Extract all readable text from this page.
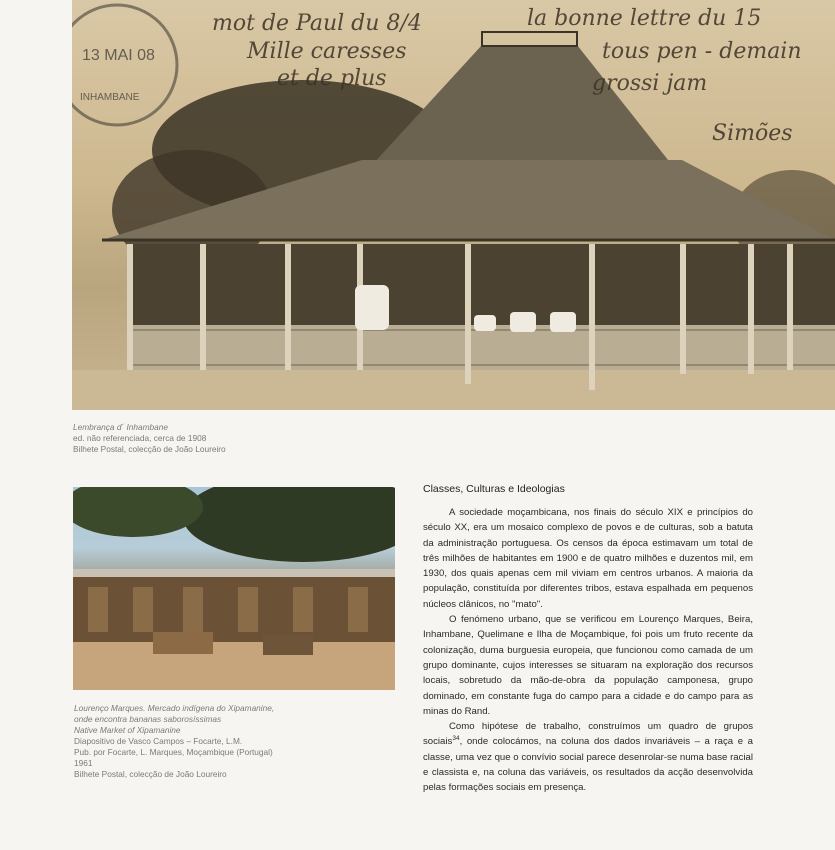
13 MAI 08
INHAMBANE
mot de Paul du 8/4
Mille caresses
et de plus
la bonne lettre du 15
tous pen - demain
grossi jam
Simões
Lembrança d´ Inhambane
ed. não referenciada, cerca de 1908
Bilhete Postal, colecção de João Loureiro
Lourenço Marques. Mercado indígena do Xipamanine,
onde encontra bananas saborosíssimas
Native Market of Xipamanine
Diapositivo de Vasco Campos – Focarte, L.M.
Pub. por Focarte, L. Marques, Moçambique (Portugal)
1961
Bilhete Postal, colecção de João Loureiro
Classes, Culturas e Ideologias

A sociedade moçambicana, nos finais do século XIX e princípios do século XX, era um mosaico complexo de povos e de culturas, sob a batuta da administração portuguesa. Os censos da época estimavam um total de três milhões de habitantes em 1900 e de quatro milhões e duzentos mil, em 1930, dos quais apenas cem mil viviam em centros urbanos. A maioria da população, constituída por diferentes tribos, estava espalhada em pequenos núcleos clânicos, no "mato".

O fenómeno urbano, que se verificou em Lourenço Marques, Beira, Inhambane, Quelimane e Ilha de Moçambique, foi pois um fruto recente da colonização, duma burguesia europeia, que funcionou como camada de um grupo dominante, cujos interesses se situaram na exploração dos recursos locais, sobretudo da mão-de-obra da população camponesa, grupo dominado, em constante fuga do campo para a cidade e do campo para as minas do Rand.

Como hipótese de trabalho, construímos um quadro de grupos sociais$^{34}$, onde colocámos, na coluna dos dados invariáveis – a raça e a classe, uma vez que o convívio social parece desenrolar-se numa base racial e classista e, na coluna das variáveis, os resultados da acção desenvolvida pelas formações sociais em presença.
